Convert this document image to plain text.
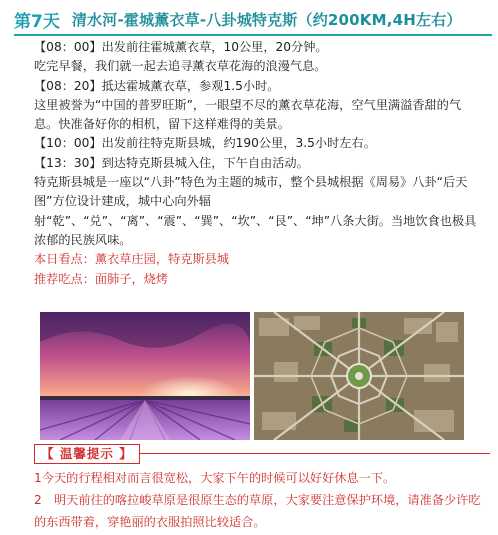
第7天 清水河-霍城薰衣草-八卦城特克斯（约200KM,4H左右）

【08：00】出发前往霍城薰衣草，10公里，20分钟。

吃完早餐，我们就一起去追寻薰衣草花海的浪漫气息。

【08：20】抵达霍城薰衣草，参观1.5小时。

这里被誉为“中国的普罗旺斯”，一眼望不尽的薰衣草花海，空气里满溢香甜的气息。快准备好你的相机，留下这样难得的美景。

【10：00】出发前往特克斯县城，约190公里，3.5小时左右。

【13：30】到达特克斯县城入住，下午自由活动。

特克斯县城是一座以“八卦”特色为主题的城市，整个县城根据《周易》八卦“后天图”方位设计建成，城中心向外辐射“乾”、“兑”、“离”、“震”、“巽”、“坎”、“艮”、“坤”八条大街。当地饮食也极具浓郁的民族风味。

本日看点：薰衣草庄园，特克斯县城

推荐吃点：面肺子，烧烤

【 温馨提示 】

1今天的行程相对而言很宽松，大家下午的时候可以好好休息一下。

2　明天前往的喀拉峻草原是很原生态的草原，大家要注意保护环境，请准备少许吃的东西带着，穿艳丽的衣服拍照比较适合。
